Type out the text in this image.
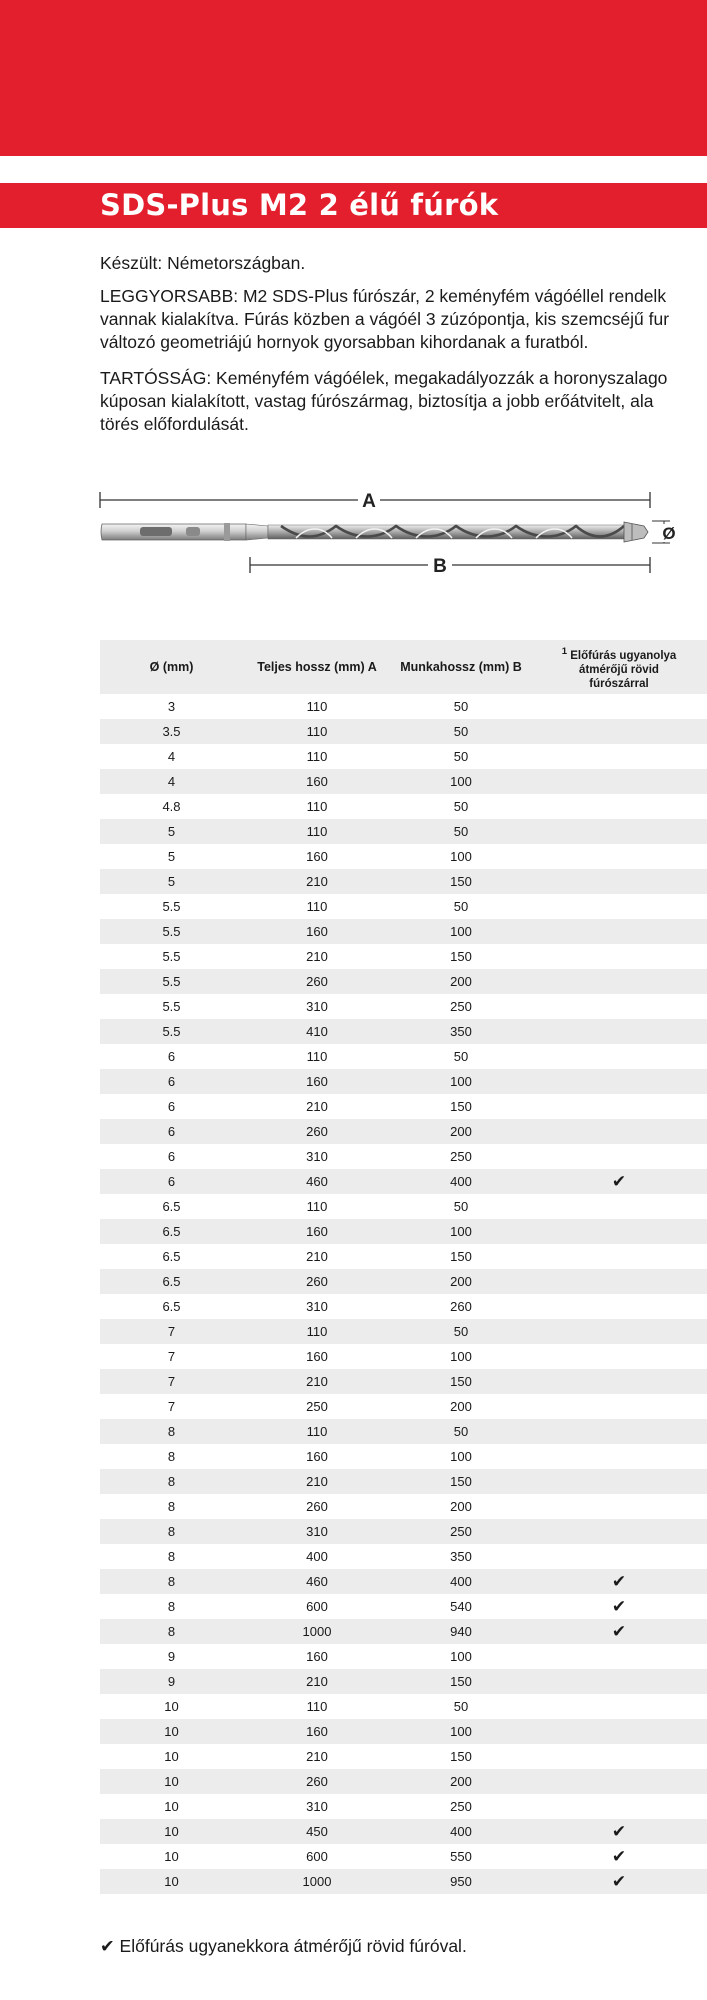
SDS-Plus M2 2 élű fúrók

Készült: Németországban.

LEGGYORSABB: M2 SDS-Plus fúrószár, 2 keményfém vágóéllel rendelk
vannak kialakítva. Fúrás közben a vágóél 3 zúzópontja, kis szemcséjű fur
változó geometriájú hornyok gyorsabban kihordanak a furatból.

TARTÓSSÁG: Keményfém vágóélek, megakadályozzák a horonyszalago
kúposan kialakított, vastag fúrószármag, biztosítja a jobb erőátvitelt, ala
törés előfordulását.

A
Ø
B
Ø (mm)	Teljes hossz (mm) A	Munkahossz (mm) B	$^1$ Előfúrás ugyanolya
átmérőjű rövid
fúrószárral
3	110	50	
3.5	110	50	
4	110	50	
4	160	100	
4.8	110	50	
5	110	50	
5	160	100	
5	210	150	
5.5	110	50	
5.5	160	100	
5.5	210	150	
5.5	260	200	
5.5	310	250	
5.5	410	350	
6	110	50	
6	160	100	
6	210	150	
6	260	200	
6	310	250	
6	460	400	✔
6.5	110	50	
6.5	160	100	
6.5	210	150	
6.5	260	200	
6.5	310	260	
7	110	50	
7	160	100	
7	210	150	
7	250	200	
8	110	50	
8	160	100	
8	210	150	
8	260	200	
8	310	250	
8	400	350	
8	460	400	✔
8	600	540	✔
8	1000	940	✔
9	160	100	
9	210	150	
10	110	50	
10	160	100	
10	210	150	
10	260	200	
10	310	250	
10	450	400	✔
10	600	550	✔
10	1000	950	✔
✔ Előfúrás ugyanekkora átmérőjű rövid fúróval.
